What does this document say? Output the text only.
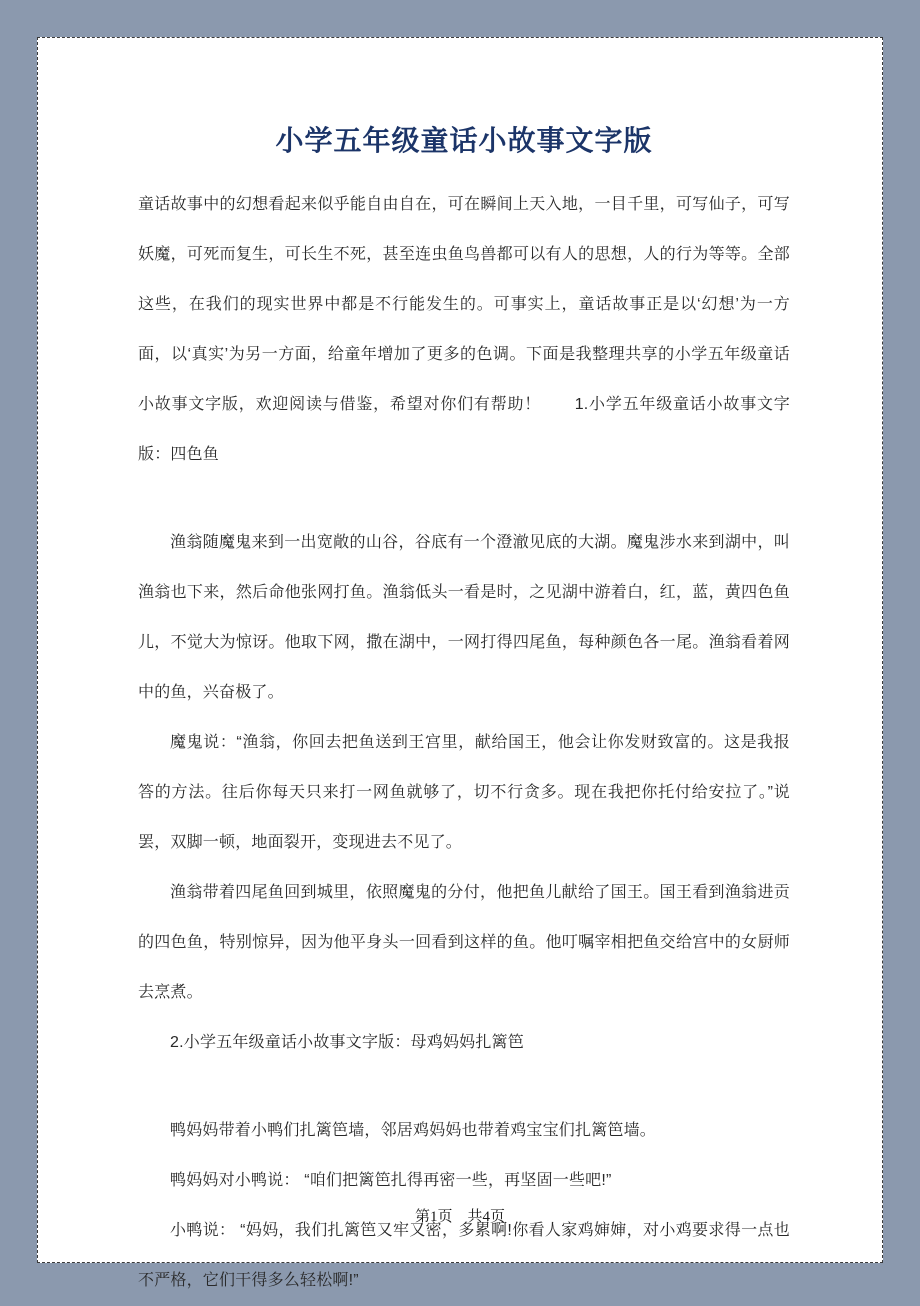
小学五年级童话小故事文字版

童话故事中的幻想看起来似乎能自由自在，可在瞬间上天入地，一目千里，可写仙子，可写妖魔，可死而复生，可长生不死，甚至连虫鱼鸟兽都可以有人的思想，人的行为等等。全部这些，在我们的现实世界中都是不行能发生的。可事实上，童话故事正是以‘幻想’为一方面，以‘真实’为另一方面，给童年增加了更多的色调。下面是我整理共享的小学五年级童话小故事文字版，欢迎阅读与借鉴，希望对你们有帮助！　　1.小学五年级童话小故事文字版：四色鱼

渔翁随魔鬼来到一出宽敞的山谷，谷底有一个澄澈见底的大湖。魔鬼涉水来到湖中，叫渔翁也下来，然后命他张网打鱼。渔翁低头一看是时，之见湖中游着白，红，蓝，黄四色鱼儿，不觉大为惊讶。他取下网，撒在湖中，一网打得四尾鱼，每种颜色各一尾。渔翁看着网中的鱼，兴奋极了。

魔鬼说：“渔翁，你回去把鱼送到王宫里，献给国王，他会让你发财致富的。这是我报答的方法。往后你每天只来打一网鱼就够了，切不行贪多。现在我把你托付给安拉了。”说罢，双脚一顿，地面裂开，变现进去不见了。

渔翁带着四尾鱼回到城里，依照魔鬼的分付，他把鱼儿献给了国王。国王看到渔翁进贡的四色鱼，特别惊异，因为他平身头一回看到这样的鱼。他叮嘱宰相把鱼交给宫中的女厨师去烹煮。

2.小学五年级童话小故事文字版：母鸡妈妈扎篱笆

鸭妈妈带着小鸭们扎篱笆墙，邻居鸡妈妈也带着鸡宝宝们扎篱笆墙。

鸭妈妈对小鸭说： “咱们把篱笆扎得再密一些，再坚固一些吧!”

小鸭说： “妈妈，我们扎篱笆又牢又密，多累啊!你看人家鸡婶婶，对小鸡要求得一点也不严格，它们干得多么轻松啊!”

第1页　共4页
